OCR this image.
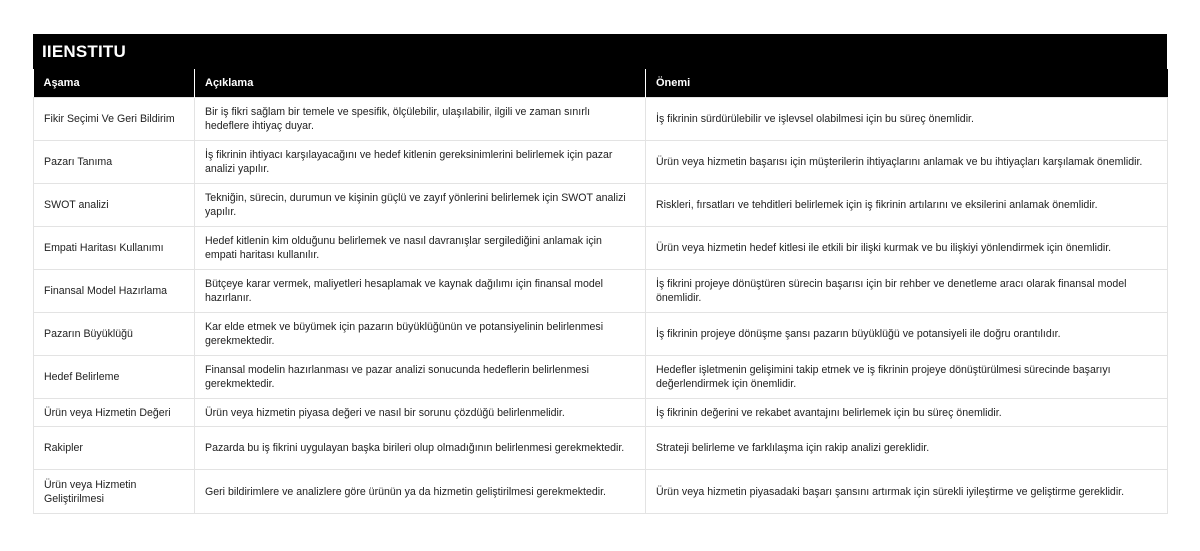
IIENSTITU
Aşama	Açıklama	Önemi
Fikir Seçimi Ve Geri Bildirim	Bir iş fikri sağlam bir temele ve spesifik, ölçülebilir, ulaşılabilir, ilgili ve zaman sınırlı hedeflere ihtiyaç duyar.	İş fikrinin sürdürülebilir ve işlevsel olabilmesi için bu süreç önemlidir.
Pazarı Tanıma	İş fikrinin ihtiyacı karşılayacağını ve hedef kitlenin gereksinimlerini belirlemek için pazar analizi yapılır.	Ürün veya hizmetin başarısı için müşterilerin ihtiyaçlarını anlamak ve bu ihtiyaçları karşılamak önemlidir.
SWOT analizi	Tekniğin, sürecin, durumun ve kişinin güçlü ve zayıf yönlerini belirlemek için SWOT analizi yapılır.	Riskleri, fırsatları ve tehditleri belirlemek için iş fikrinin artılarını ve eksilerini anlamak önemlidir.
Empati Haritası Kullanımı	Hedef kitlenin kim olduğunu belirlemek ve nasıl davranışlar sergilediğini anlamak için empati haritası kullanılır.	Ürün veya hizmetin hedef kitlesi ile etkili bir ilişki kurmak ve bu ilişkiyi yönlendirmek için önemlidir.
Finansal Model Hazırlama	Bütçeye karar vermek, maliyetleri hesaplamak ve kaynak dağılımı için finansal model hazırlanır.	İş fikrini projeye dönüştüren sürecin başarısı için bir rehber ve denetleme aracı olarak finansal model önemlidir.
Pazarın Büyüklüğü	Kar elde etmek ve büyümek için pazarın büyüklüğünün ve potansiyelinin belirlenmesi gerekmektedir.	İş fikrinin projeye dönüşme şansı pazarın büyüklüğü ve potansiyeli ile doğru orantılıdır.
Hedef Belirleme	Finansal modelin hazırlanması ve pazar analizi sonucunda hedeflerin belirlenmesi gerekmektedir.	Hedefler işletmenin gelişimini takip etmek ve iş fikrinin projeye dönüştürülmesi sürecinde başarıyı değerlendirmek için önemlidir.
Ürün veya Hizmetin Değeri	Ürün veya hizmetin piyasa değeri ve nasıl bir sorunu çözdüğü belirlenmelidir.	İş fikrinin değerini ve rekabet avantajını belirlemek için bu süreç önemlidir.
Rakipler	Pazarda bu iş fikrini uygulayan başka birileri olup olmadığının belirlenmesi gerekmektedir.	Strateji belirleme ve farklılaşma için rakip analizi gereklidir.
Ürün veya Hizmetin Geliştirilmesi	Geri bildirimlere ve analizlere göre ürünün ya da hizmetin geliştirilmesi gerekmektedir.	Ürün veya hizmetin piyasadaki başarı şansını artırmak için sürekli iyileştirme ve geliştirme gereklidir.
